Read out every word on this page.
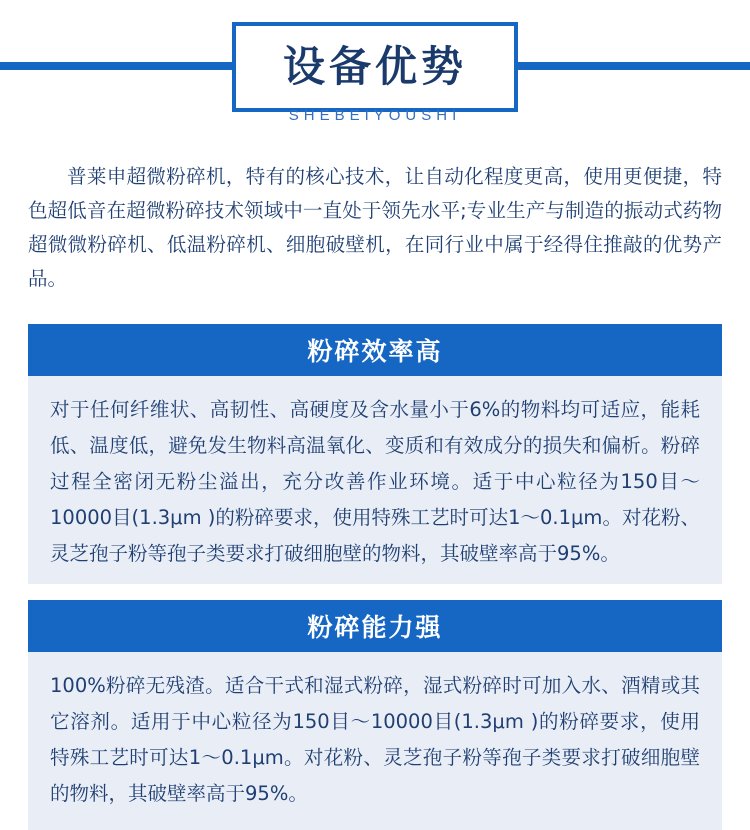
设备优势
SHEBEIYOUSHI

普莱申超微粉碎机，特有的核心技术，让自动化程度更高，使用更便捷，特色超低音在超微粉碎技术领域中一直处于领先水平;专业生产与制造的振动式药物超微微粉碎机、低温粉碎机、细胞破壁机，在同行业中属于经得住推敲的优势产品。

粉碎效率高
对于任何纤维状、高韧性、高硬度及含水量小于6%的物料均可适应，能耗低、温度低，避免发生物料高温氧化、变质和有效成分的损失和偏析。粉碎过程全密闭无粉尘溢出，充分改善作业环境。适于中心粒径为150目～10000目(1.3μm )的粉碎要求，使用特殊工艺时可达1～0.1μm。对花粉、灵芝孢子粉等孢子类要求打破细胞壁的物料，其破壁率高于95%。
粉碎能力强
100%粉碎无残渣。适合干式和湿式粉碎，湿式粉碎时可加入水、酒精或其它溶剂。适用于中心粒径为150目～10000目(1.3μm )的粉碎要求，使用特殊工艺时可达1～0.1μm。对花粉、灵芝孢子粉等孢子类要求打破细胞壁的物料，其破壁率高于95%。
